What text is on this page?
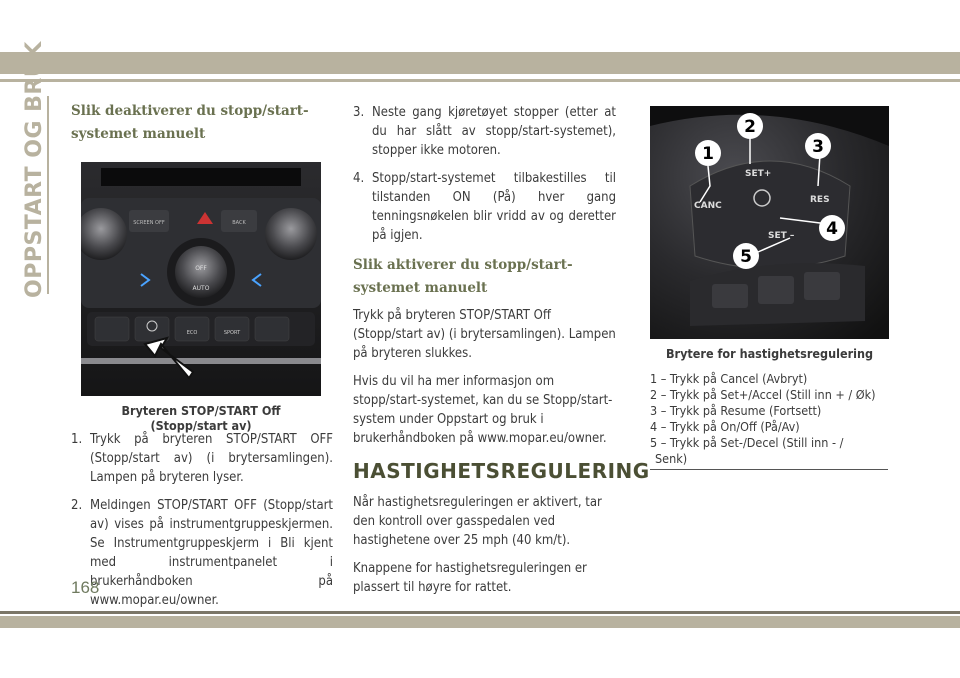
OPPSTART OG BRUK Slik deaktiverer du stopp/start-systemet manuelt
SCREEN OFF	BACK
OFF
AUTO
ECO	SPORT
Bryteren STOP/START Off (Stopp/start av)
1. Trykk på bryteren STOP/START OFF (Stopp/start av) (i brytersamlingen). Lampen på bryteren lyser.
2. Meldingen STOP/START OFF (Stopp/start av) vises på instrumentgruppeskjermen. Se Instrumentgruppeskjerm i Bli kjent med instrumentpanelet i brukerhåndboken på www.mopar.eu/owner.
3. Neste gang kjøretøyet stopper (etter at du har slått av stopp/start-systemet), stopper ikke motoren.
4. Stopp/start-systemet tilbakestilles til tilstanden ON (På) hver gang tenningsnøkelen blir vridd av og deretter på igjen.
Slik aktiverer du stopp/start-systemet manuelt

Trykk på bryteren STOP/START Off (Stopp/start av) (i brytersamlingen). Lampen på bryteren slukkes.

Hvis du vil ha mer informasjon om stopp/start-systemet, kan du se Stopp/start-system under Oppstart og bruk i brukerhåndboken på www.mopar.eu/owner.

HASTIGHETSREGULERING

Når hastighetsreguleringen er aktivert, tar den kontroll over gasspedalen ved hastighetene over 25 mph (40 km/t).

Knappene for hastighetsreguleringen er plassert til høyre for rattet.

SET+
CANC
RES
SET –
1
2
3
4
5
Brytere for hastighetsregulering
1 – Trykk på Cancel (Avbryt)
2 – Trykk på Set+/Accel (Still inn + / Øk)
3 – Trykk på Resume (Fortsett)
4 – Trykk på On/Off (På/Av)
5 – Trykk på Set-/Decel (Still inn - /
Senk)
168
